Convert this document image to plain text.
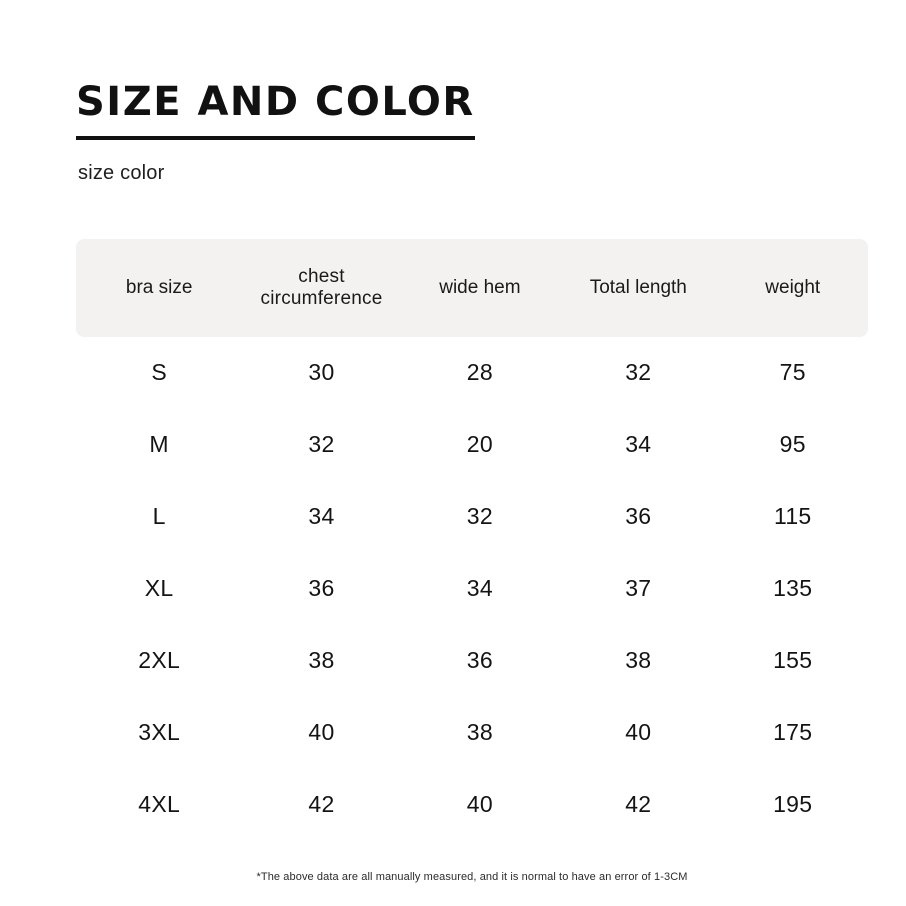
SIZE AND COLOR
size color
bra size	chest circumference	wide hem	Total length	weight
S	30	28	32	75
M	32	20	34	95
L	34	32	36	115
XL	36	34	37	135
2XL	38	36	38	155
3XL	40	38	40	175
4XL	42	40	42	195
*The above data are all manually measured, and it is normal to have an error of 1-3CM
